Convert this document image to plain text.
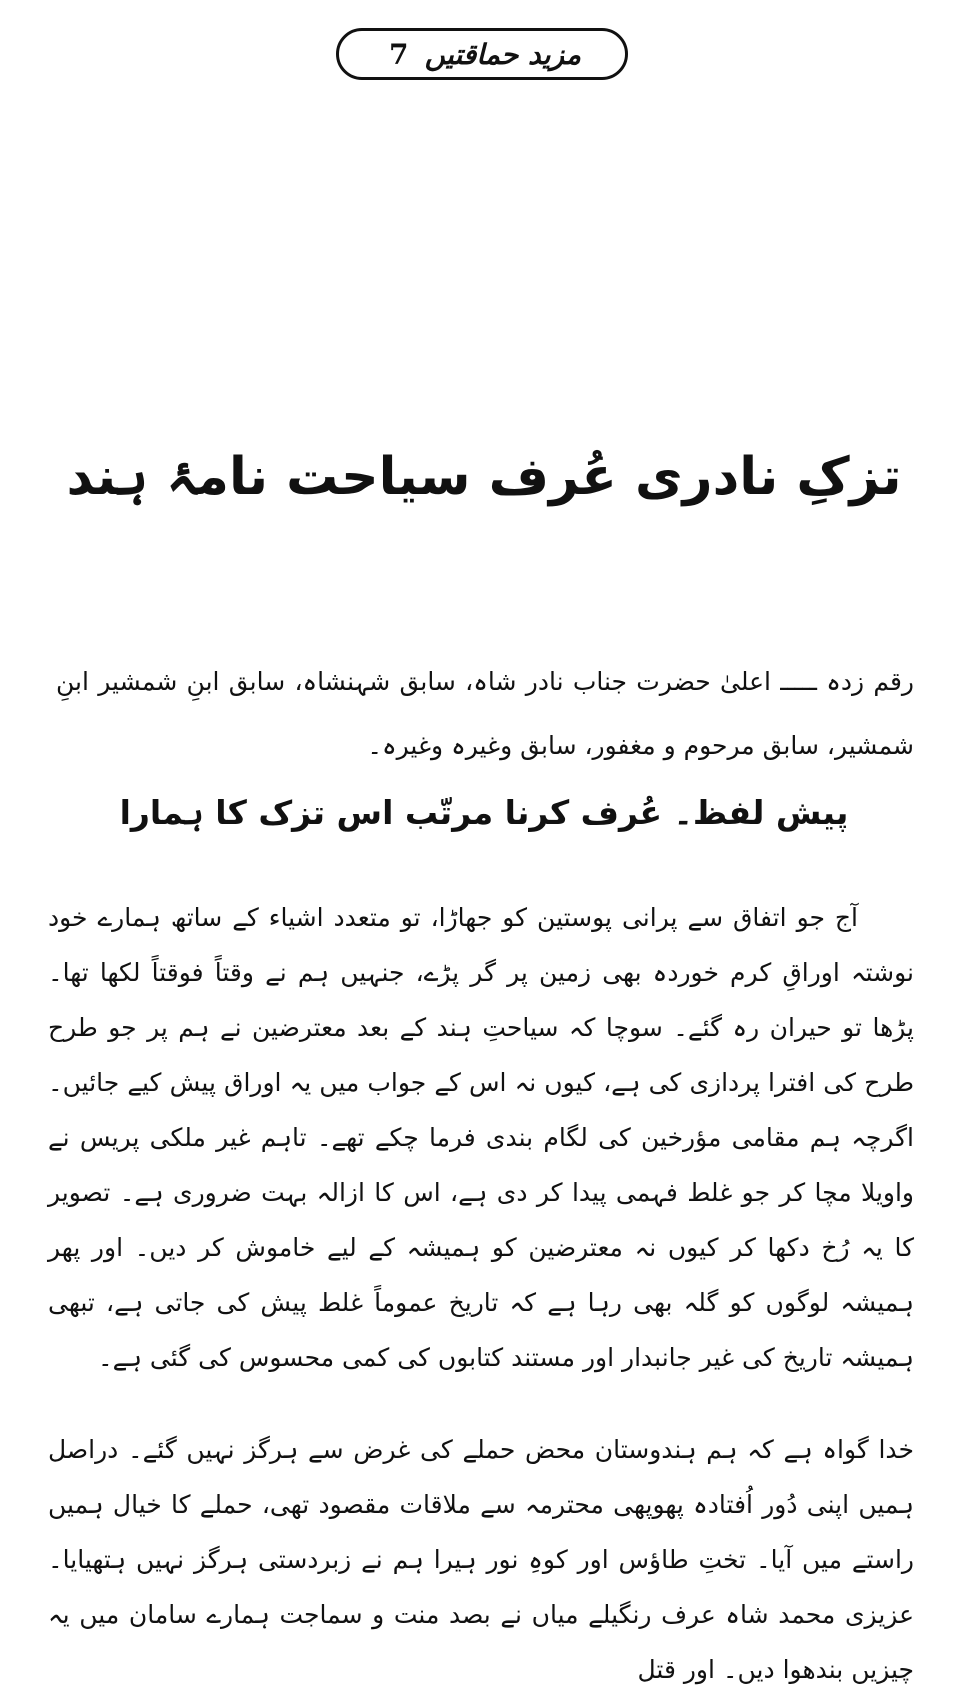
مزید حماقتیں
7
تزکِ نادری عُرف سیاحت نامۂ ہند
رقم زدہ ـــــ اعلیٰ حضرت جناب نادر شاہ، سابق شہنشاہ، سابق ابنِ شمشیر ابنِ شمشیر، سابق مرحوم و مغفور، سابق وغیرہ وغیرہ۔
پیش لفظ۔ عُرف کرنا مرتّب اس تزک کا ہمارا

آج جو اتفاق سے پرانی پوستین کو جھاڑا، تو متعدد اشیاء کے ساتھ ہمارے خود نوشتہ اوراقِ کرم خوردہ بھی زمین پر گر پڑے، جنہیں ہم نے وقتاً فوقتاً لکھا تھا۔ پڑھا تو حیران رہ گئے۔ سوچا کہ سیاحتِ ہند کے بعد معترضین نے ہم پر جو طرح طرح کی افترا پردازی کی ہے، کیوں نہ اس کے جواب میں یہ اوراق پیش کیے جائیں۔ اگرچہ ہم مقامی مؤرخین کی لگام بندی فرما چکے تھے۔ تاہم غیر ملکی پریس نے واویلا مچا کر جو غلط فہمی پیدا کر دی ہے، اس کا ازالہ بہت ضروری ہے۔ تصویر کا یہ رُخ دکھا کر کیوں نہ معترضین کو ہمیشہ کے لیے خاموش کر دیں۔ اور پھر ہمیشہ لوگوں کو گلہ بھی رہا ہے کہ تاریخ عموماً غلط پیش کی جاتی ہے، تبھی ہمیشہ تاریخ کی غیر جانبدار اور مستند کتابوں کی کمی محسوس کی گئی ہے۔

خدا گواہ ہے کہ ہم ہندوستان محض حملے کی غرض سے ہرگز نہیں گئے۔ دراصل ہمیں اپنی دُور اُفتادہ پھوپھی محترمہ سے ملاقات مقصود تھی، حملے کا خیال ہمیں راستے میں آیا۔ تختِ طاؤس اور کوہِ نور ہیرا ہم نے زبردستی ہرگز نہیں ہتھیایا۔ عزیزی محمد شاہ عرف رنگیلے میاں نے بصد منت و سماجت ہمارے سامان میں یہ چیزیں بندھوا دیں۔ اور قتل
